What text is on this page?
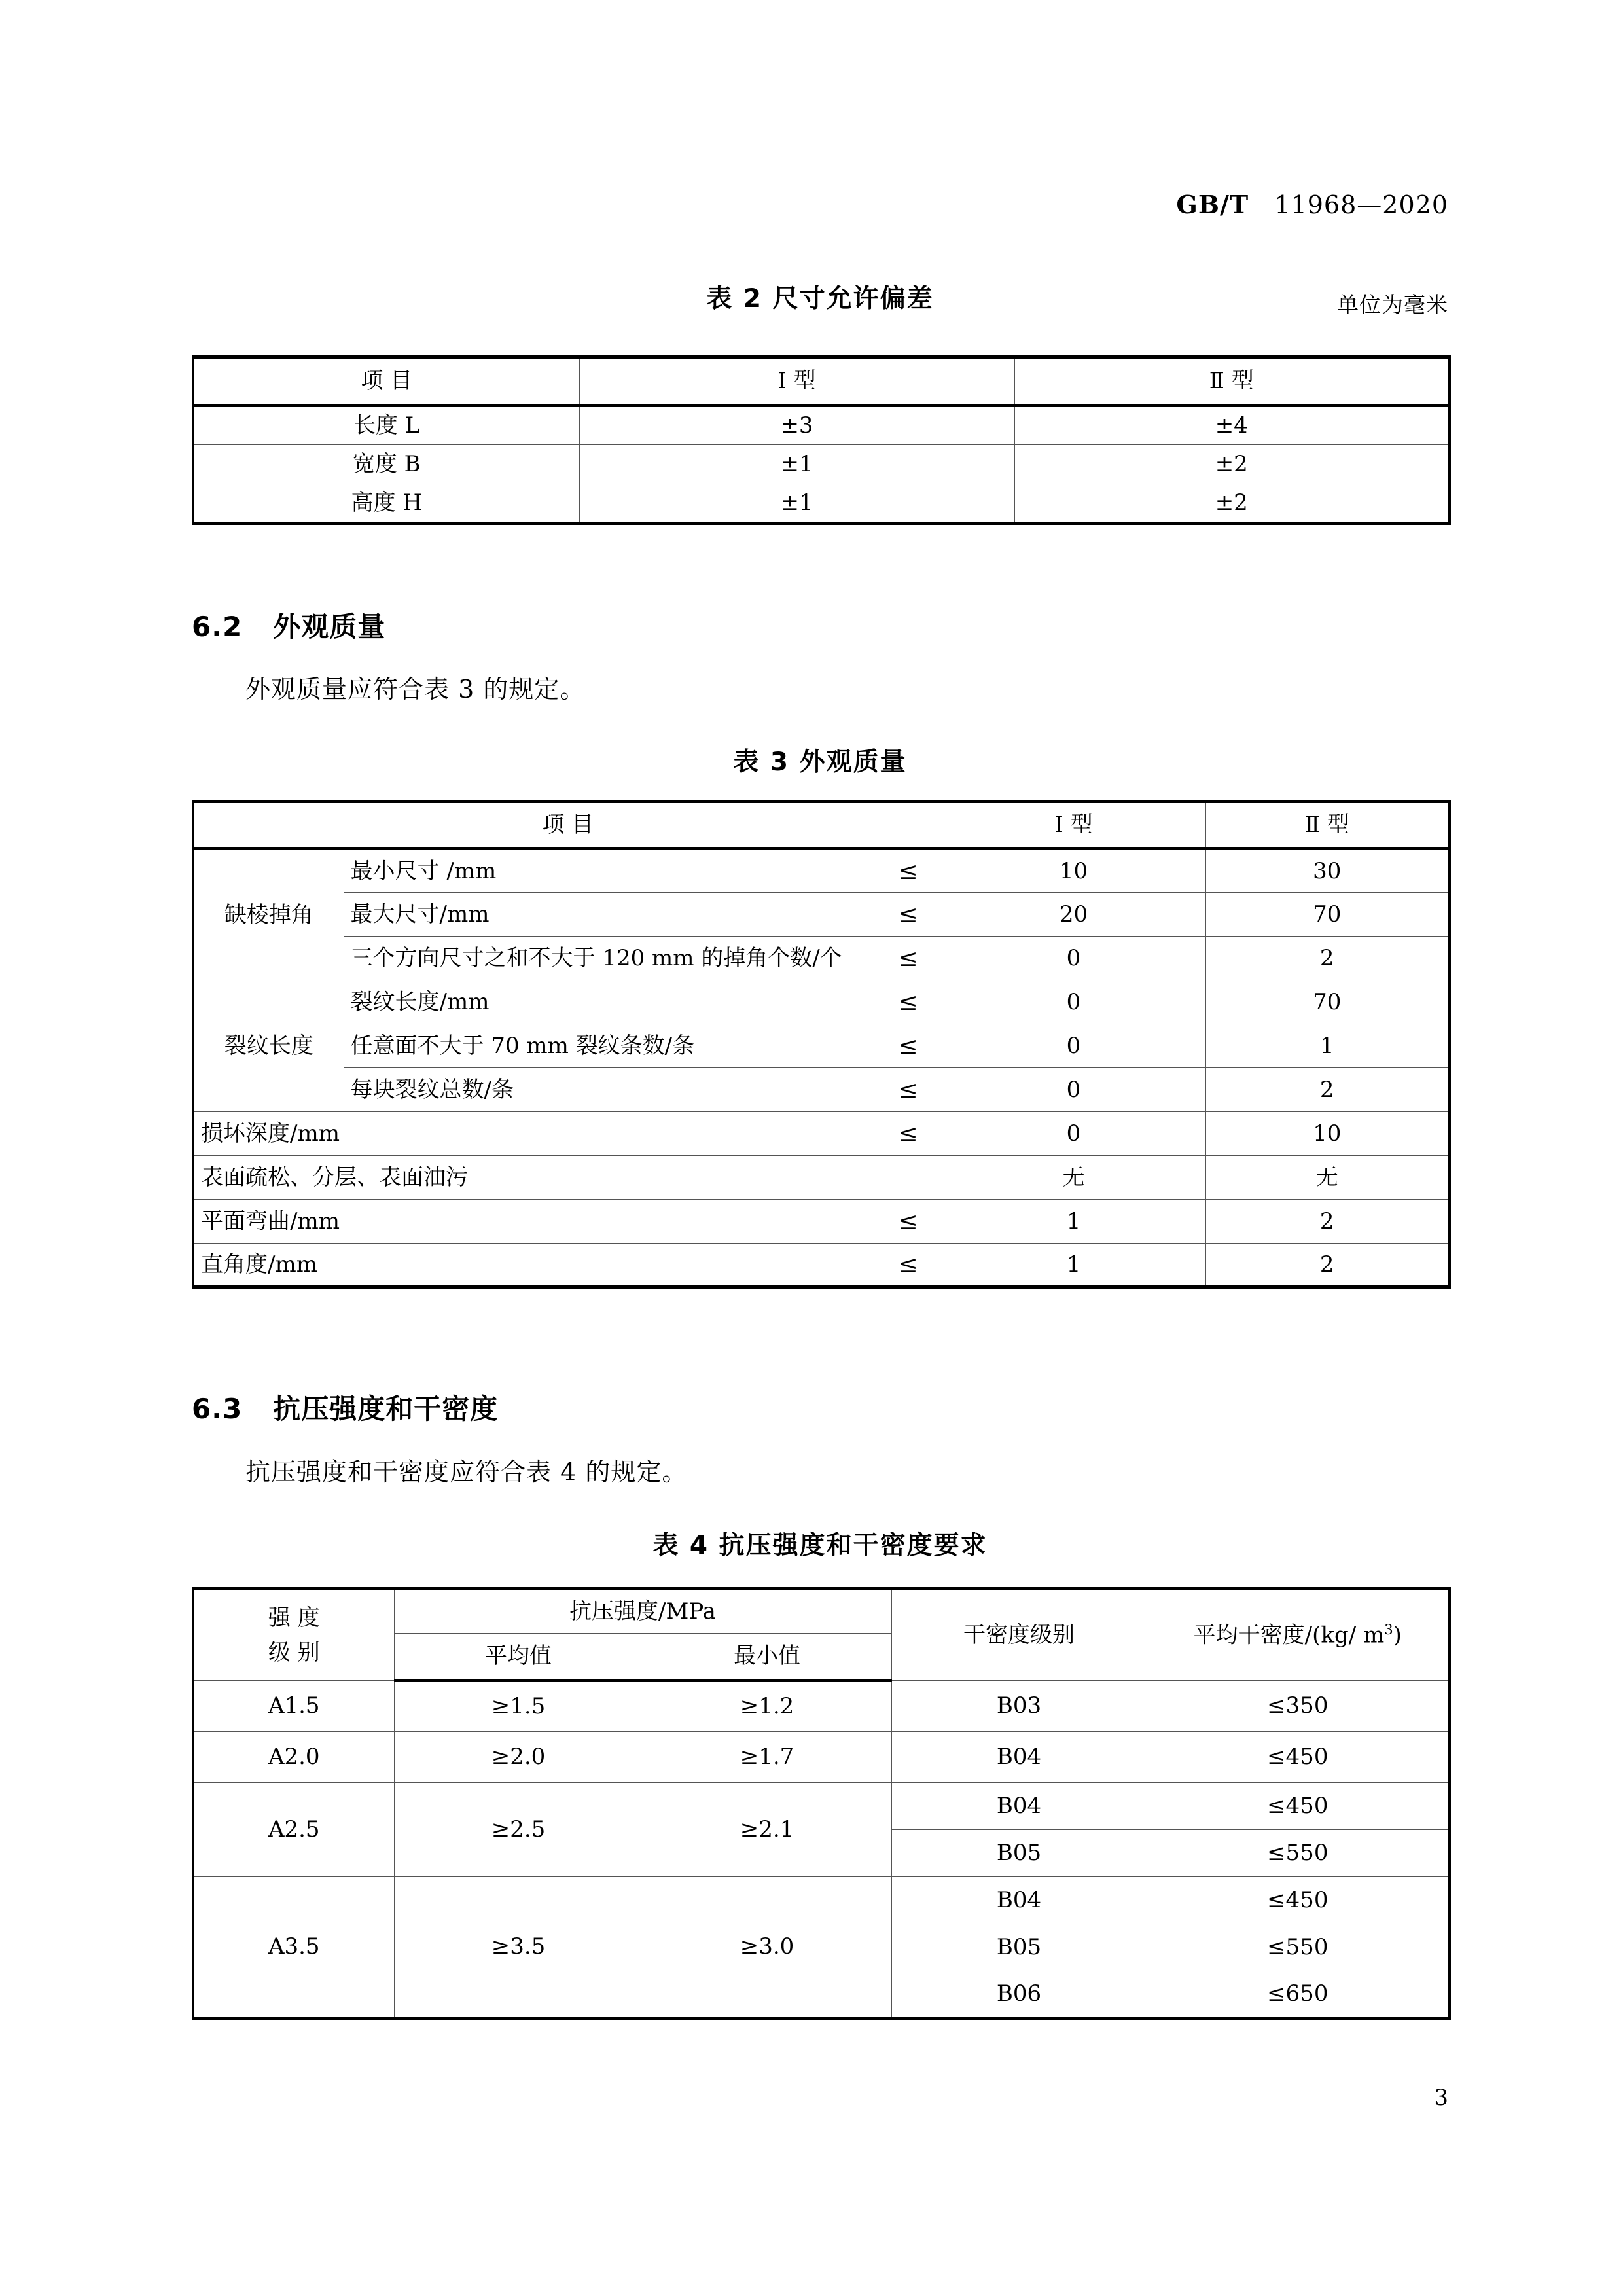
GB/T 11968—2020
表 2 尺寸允许偏差	单位为毫米
项 目	Ⅰ 型	Ⅱ 型
长度 L	±3	±4
宽度 B	±1	±2
高度 H	±1	±2
6.2 外观质量
外观质量应符合表 3 的规定。
表 3 外观质量
项 目		Ⅰ 型	Ⅱ 型
缺棱掉角	最小尺寸 /mm ≤	10	30

	最大尺寸/mm ≤	20	70

	三个方向尺寸之和不大于 120 mm 的掉角个数/个 ≤	0	2
裂纹长度	裂纹长度/mm ≤	0	70

	任意面不大于 70 mm 裂纹条数/条 ≤	0	1

	每块裂纹总数/条 ≤	0	2

损坏深度/mm ≤		0	10

表面疏松、分层、表面油污		无	无

平面弯曲/mm ≤		1	2

直角度/mm ≤		1	2
6.3 抗压强度和干密度
抗压强度和干密度应符合表 4 的规定。
表 4 抗压强度和干密度要求
强 度
级 别	抗压强度/MPa		干密度级别	平均干密度/(kg/ $m^3$)
	平均值	最小值		
A1.5	≥1.5	≥1.2	B03	≤350
A2.0	≥2.0	≥1.7	B04	≤450
A2.5	≥2.5	≥2.1	B04	≤450
			B05	≤550
A3.5	≥3.5	≥3.0	B04	≤450
			B05	≤550
			B06	≤650
3
